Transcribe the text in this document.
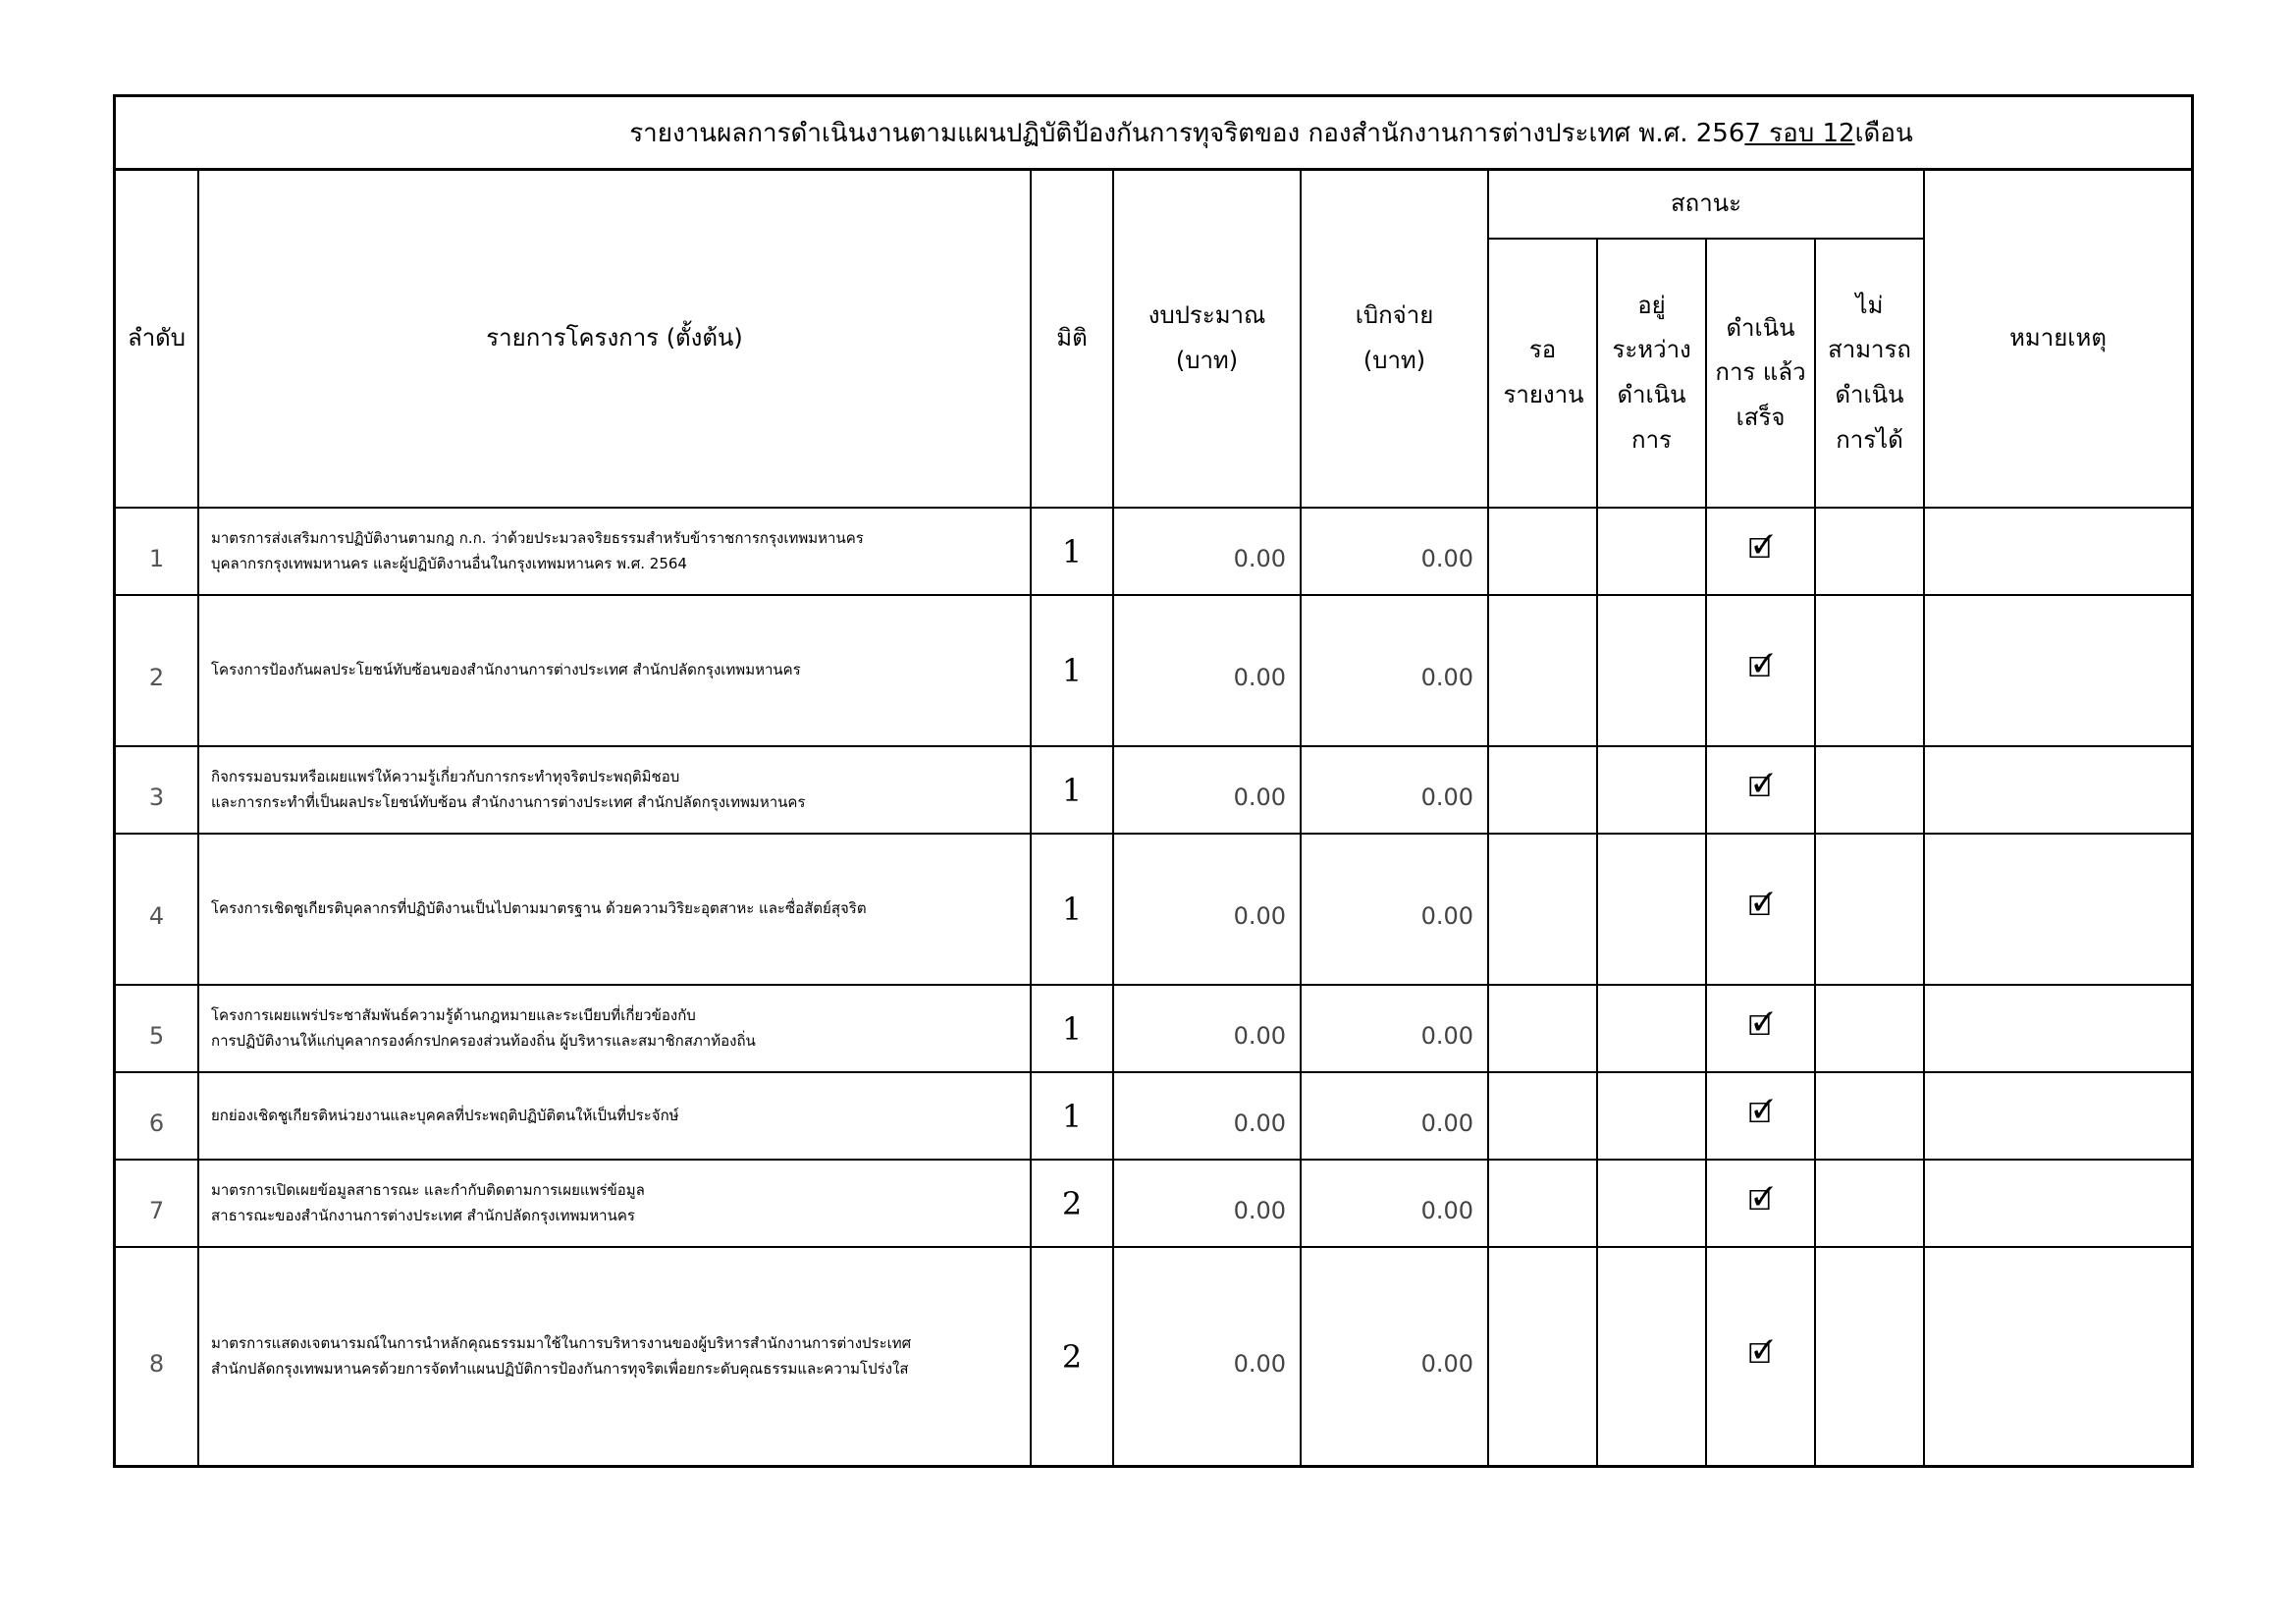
รายงานผลการดำเนินงานตามแผนปฏิบัติป้องกันการทุจริตของ กองสำนักงานการต่างประเทศ พ.ศ. 256 7 รอบ 12 เดือน
ลำดับ	รายการโครงการ (ตั้งต้น)	มิติ	งบประมาณ (บาท)	เบิกจ่าย (บาท)	สถานะ				หมายเหตุ
					รอ รายงาน	อยู่ ระหว่าง ดำเนิน การ	ดำเนิน การ แล้วเสร็จ	ไม่ สามารถ ดำเนิน การได้	
1	มาตรการส่งเสริมการปฏิบัติงานตามกฎ ก.ก. ว่าด้วยประมวลจริยธรรมสำหรับข้าราชการกรุงเทพมหานคร
บุคลากรกรุงเทพมหานคร และผู้ปฏิบัติงานอื่นในกรุงเทพมหานคร พ.ศ. 2564	1	0.00	0.00			🗹		
2	โครงการป้องกันผลประโยชน์ทับซ้อนของสำนักงานการต่างประเทศ สำนักปลัดกรุงเทพมหานคร	1	0.00	0.00			🗹		
3	กิจกรรมอบรมหรือเผยแพร่ให้ความรู้เกี่ยวกับการกระทำทุจริตประพฤติมิชอบ
และการกระทำที่เป็นผลประโยชน์ทับซ้อน สำนักงานการต่างประเทศ สำนักปลัดกรุงเทพมหานคร	1	0.00	0.00			🗹		
4	โครงการเชิดชูเกียรติบุคลากรที่ปฏิบัติงานเป็นไปตามมาตรฐาน ด้วยความวิริยะอุตสาหะ และซื่อสัตย์สุจริต	1	0.00	0.00			🗹		
5	โครงการเผยแพร่ประชาสัมพันธ์ความรู้ด้านกฎหมายและระเบียบที่เกี่ยวข้องกับ
การปฏิบัติงานให้แก่บุคลากรองค์กรปกครองส่วนท้องถิ่น ผู้บริหารและสมาชิกสภาท้องถิ่น	1	0.00	0.00			🗹		
6	ยกย่องเชิดชูเกียรติหน่วยงานและบุคคลที่ประพฤติปฏิบัติตนให้เป็นที่ประจักษ์	1	0.00	0.00			🗹		
7	มาตรการเปิดเผยข้อมูลสาธารณะ และกำกับติดตามการเผยแพร่ข้อมูล
สาธารณะของสำนักงานการต่างประเทศ สำนักปลัดกรุงเทพมหานคร	2	0.00	0.00			🗹		
8	มาตรการแสดงเจตนารมณ์ในการนำหลักคุณธรรมมาใช้ในการบริหารงานของผู้บริหารสำนักงานการต่างประเทศ
สำนักปลัดกรุงเทพมหานครด้วยการจัดทำแผนปฏิบัติการป้องกันการทุจริตเพื่อยกระดับคุณธรรมและความโปร่งใส	2	0.00	0.00			🗹		
